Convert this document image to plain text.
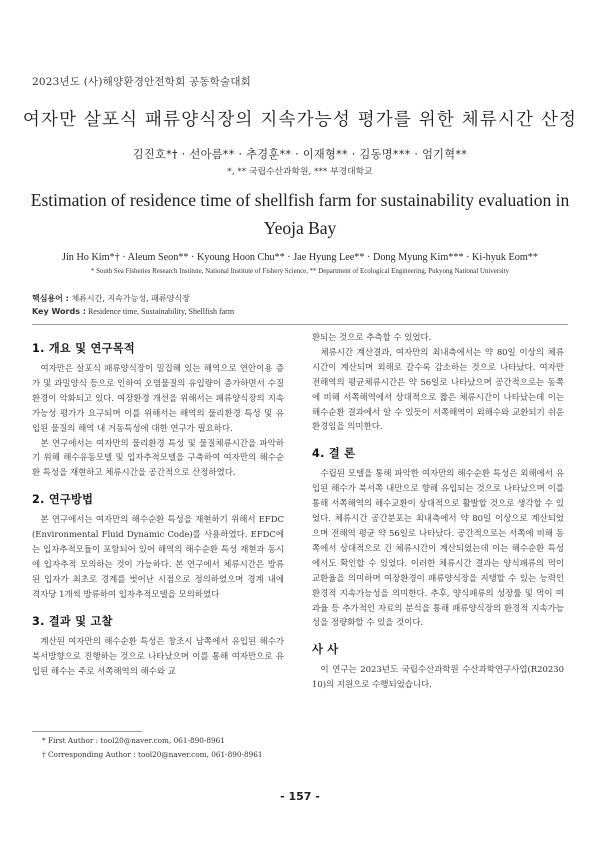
2023년도 (사)해양환경안전학회 공동학술대회
여자만 살포식 패류양식장의 지속가능성 평가를 위한 체류시간 산정
김진호*† · 선아름** · 추경훈** · 이재형** · 김동명*** · 엄기혁**
*, ** 국립수산과학원, *** 부경대학교
Estimation of residence time of shellfish farm for sustainability evaluation in Yeoja Bay
Jin Ho Kim*† · Aleum Seon** · Kyoung Hoon Chu** · Jae Hyung Lee** · Dong Myung Kim*** · Ki-hyuk Eom**
* South Sea Fisheries Research Institute, National Institute of Fishery Science, ** Department of Ecological Engineering, Pukyong National University
핵심용어 : 체류시간, 지속가능성, 패류양식장
Key Words : Residence time, Sustainability, Shellfish farm
1. 개요 및 연구목적

여자만은 살포식 패류양식장이 밀집해 있는 해역으로 연안이용 증가 및 과밀양식 등으로 인하여 오염물질의 유입량이 증가하면서 수질환경이 악화되고 있다. 여장환경 개선을 위해서는 패류양식장의 지속가능성 평가가 요구되며 이를 위해서는 해역의 물리환경 특성 및 유입된 물질의 해역 내 거동특성에 대한 연구가 필요하다.

본 연구에서는 여자만의 물리환경 특성 및 물질체류시간을 파악하기 위해 해수유동모델 및 입자추적모델을 구축하여 여자만의 해수순환 특성을 재현하고 체류시간을 공간적으로 산정하였다.

2. 연구방법

본 연구에서는 여자만의 해수순환 특성을 재현하기 위해서 EFDC(Environmental Fluid Dynamic Code)를 사용하였다. EFDC에는 입자추적모듈이 포함되어 있어 해역의 해수순환 특성 재현과 동시에 입자추적 모의하는 것이 가능하다. 본 연구에서 체류시간은 방류된 입자가 최초로 경계를 벗어난 시점으로 정의하였으며 경계 내에 격자당 1개씩 방류하여 입자추적모델을 모의하였다

3. 결과 및 고찰

계산된 여자만의 해수순환 특성은 창조시 남쪽에서 유입된 해수가 북서방향으로 진행하는 것으로 나타났으며 이를 통해 여자만으로 유입된 해수는 주로 서쪽해역의 해수와 교

환되는 것으로 추측할 수 있었다.

체류시간 계산결과, 여자만의 최내측에서는 약 80일 이상의 체류시간이 계산되며 외해로 갈수록 감소하는 것으로 나타났다. 여자만 전해역의 평균체류시간은 약 56일로 나타났으며 공간적으로는 동쪽에 비해 서쪽해역에서 상대적으로 짧은 체류시간이 나타났는데 이는 해수순환 결과에서 알 수 있듯이 서쪽해역이 외해수와 교환되기 쉬운 환경임을 의미한다.

4. 결 론

수립된 모델을 통해 파악한 여자만의 해수순환 특성은 외해에서 유입된 해수가 북서쪽 내만으로 향해 유입되는 것으로 나타났으며 이를 통해 서쪽해역의 해수교환이 상대적으로 활발할 것으로 생각할 수 있었다. 체류시간 공간분포는 최내측에서 약 80일 이상으로 계산되었으며 전해역 평균 약 56일로 나타났다. 공간적으로는 서쪽에 비해 동쪽에서 상대적으로 긴 체류시간이 계산되었는데 이는 해수순환 특성에서도 확인할 수 있었다. 이러한 체류시간 결과는 양식패류의 먹이교환율을 의미하며 여장환경이 패류양식장을 지탱할 수 있는 능력인 환경적 지속가능성을 의미한다. 추후, 양식패류의 성장률 및 먹이 여과율 등 추가적인 자료의 분석을 통해 패류양식장의 환경적 지속가능성을 정량화할 수 있을 것이다.

사 사

이 연구는 2023년도 국립수산과학원 수산과학연구사업(R2023010)의 지원으로 수행되었습니다.

* First Author : tool20@naver.com, 061-890-8961
† Corresponding Author : tool20@naver.com, 061-890-8961
- 157 -
